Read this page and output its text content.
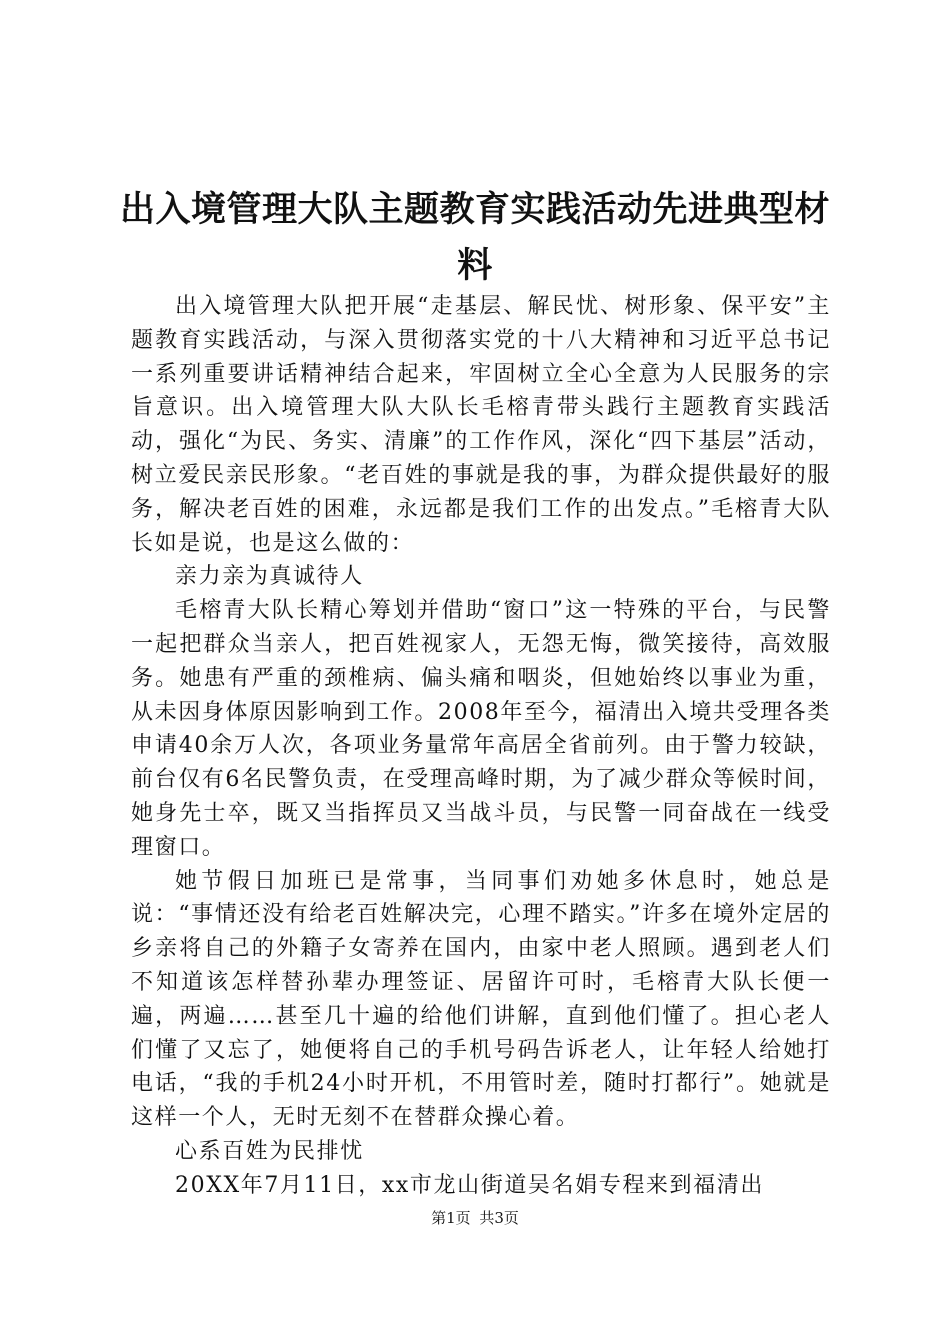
出入境管理大队主题教育实践活动先进典型材料

出入境管理大队把开展“走基层、解民忧、树形象、保平安”主题教育实践活动，与深入贯彻落实党的十八大精神和习近平总书记一系列重要讲话精神结合起来，牢固树立全心全意为人民服务的宗旨意识。出入境管理大队大队长毛榕青带头践行主题教育实践活动，强化“为民、务实、清廉”的工作作风，深化“四下基层”活动，树立爱民亲民形象。“老百姓的事就是我的事，为群众提供最好的服务，解决老百姓的困难，永远都是我们工作的出发点。”毛榕青大队长如是说，也是这么做的：

亲力亲为真诚待人

毛榕青大队长精心筹划并借助“窗口”这一特殊的平台，与民警一起把群众当亲人，把百姓视家人，无怨无悔，微笑接待，高效服务。她患有严重的颈椎病、偏头痛和咽炎，但她始终以事业为重，从未因身体原因影响到工作。2008年至今，福清出入境共受理各类申请40余万人次，各项业务量常年高居全省前列。由于警力较缺，前台仅有6名民警负责，在受理高峰时期，为了减少群众等候时间，她身先士卒，既又当指挥员又当战斗员，与民警一同奋战在一线受理窗口。

她节假日加班已是常事，当同事们劝她多休息时，她总是说：“事情还没有给老百姓解决完，心理不踏实。”许多在境外定居的乡亲将自己的外籍子女寄养在国内，由家中老人照顾。遇到老人们不知道该怎样替孙辈办理签证、居留许可时，毛榕青大队长便一遍，两遍……甚至几十遍的给他们讲解，直到他们懂了。担心老人们懂了又忘了，她便将自己的手机号码告诉老人，让年轻人给她打电话，“我的手机24小时开机，不用管时差，随时打都行”。她就是这样一个人，无时无刻不在替群众操心着。

心系百姓为民排忧

20XX年7月11日，xx市龙山街道吴名娟专程来到福清出

第1页 共3页
